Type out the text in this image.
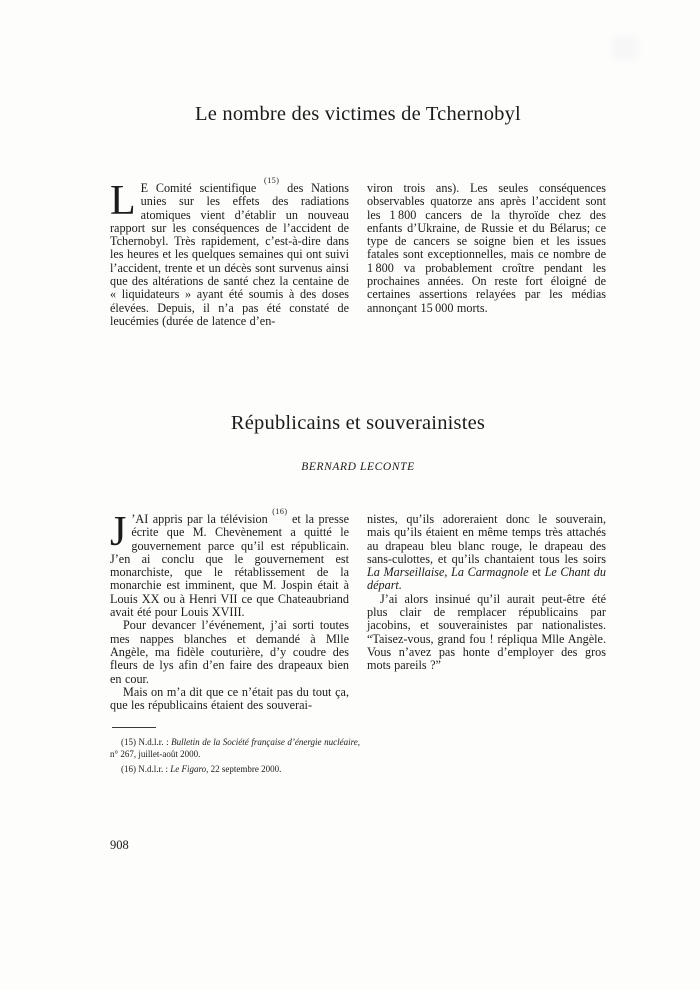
Le nombre des victimes de Tchernobyl

L E Comité scientifique $^{(15)}$ des Nations unies sur les effets des radiations atomiques vient d’établir un nouveau rapport sur les conséquences de l’accident de Tchernobyl. Très rapidement, c’est-à-dire dans les heures et les quelques semaines qui ont suivi l’accident, trente et un décès sont survenus ainsi que des altérations de santé chez la centaine de « liquidateurs » ayant été soumis à des doses élevées. Depuis, il n’a pas été constaté de leucémies (durée de latence d’en-

viron trois ans). Les seules conséquences observables quatorze ans après l’accident sont les 1 800 cancers de la thyroïde chez des enfants d’Ukraine, de Russie et du Bélarus; ce type de cancers se soigne bien et les issues fatales sont exceptionnelles, mais ce nombre de 1 800 va probablement croître pendant les prochaines années. On reste fort éloigné de certaines assertions relayées par les médias annonçant 15 000 morts.

Républicains et souverainistes
BERNARD LECONTE

J ’AI appris par la télévision $^{(16)}$ et la presse écrite que M. Chevènement a quitté le gouvernement parce qu’il est républicain. J’en ai conclu que le gouvernement est monarchiste, que le rétablissement de la monarchie est imminent, que M. Jospin était à Louis XX ou à Henri VII ce que Chateaubriand avait été pour Louis XVIII.

Pour devancer l’événement, j’ai sorti toutes mes nappes blanches et demandé à Mlle Angèle, ma fidèle couturière, d’y coudre des fleurs de lys afin d’en faire des drapeaux bien en cour.

Mais on m’a dit que ce n’était pas du tout ça, que les républicains étaient des souverai-

nistes, qu’ils adoreraient donc le souverain, mais qu’ils étaient en même temps très attachés au drapeau bleu blanc rouge, le drapeau des sans-culottes, et qu’ils chantaient tous les soirs La Marseillaise, La Carmagnole et Le Chant du départ.

J’ai alors insinué qu’il aurait peut-être été plus clair de remplacer républicains par jacobins, et souverainistes par nationalistes. “Taisez-vous, grand fou ! répliqua Mlle Angèle. Vous n’avez pas honte d’employer des gros mots pareils ?”

(15) N.d.l.r. : Bulletin de la Société française d’énergie nucléaire, n° 267, juillet-août 2000.

(16) N.d.l.r. : Le Figaro, 22 septembre 2000.

908
